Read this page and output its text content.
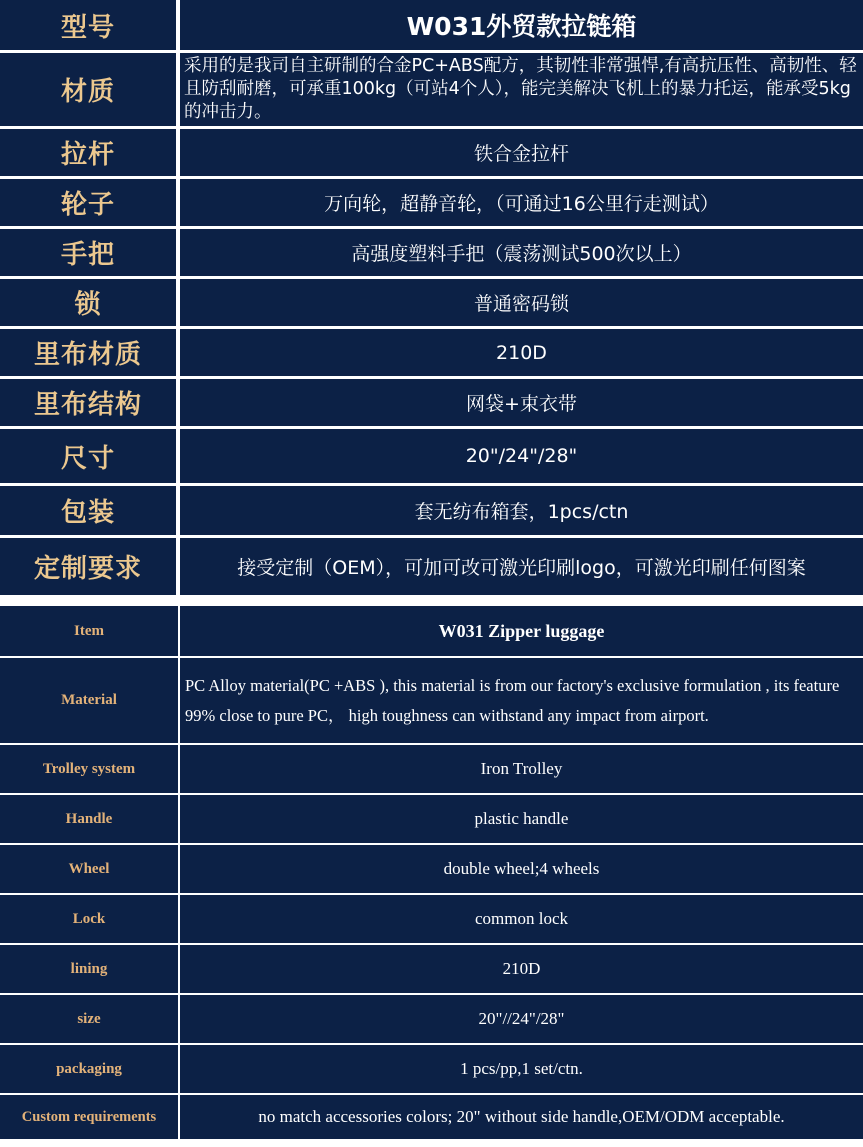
型号	W031外贸款拉链箱
材质	采用的是我司自主研制的合金PC+ABS配方，其韧性非常强悍,有高抗压性、高韧性、轻且防刮耐磨，可承重100kg（可站4个人），能完美解决飞机上的暴力托运，能承受5kg的冲击力。
拉杆	铁合金拉杆
轮子	万向轮，超静音轮，（可通过16公里行走测试）
手把	高强度塑料手把（震荡测试500次以上）
锁	普通密码锁
里布材质	210D
里布结构	网袋+束衣带
尺寸	20"/24"/28"
包装	套无纺布箱套，1pcs/ctn
定制要求	接受定制（OEM），可加可改可激光印刷logo，可激光印刷任何图案
Item	W031 Zipper luggage
Material	PC Alloy material(PC +ABS ), this material is from our factory's exclusive formulation , its feature 99% close to pure PC， high toughness can withstand any impact from airport.
Trolley system	Iron Trolley
Handle	plastic handle
Wheel	double wheel;4 wheels
Lock	common lock
lining	210D
size	20"//24"/28"
packaging	1 pcs/pp,1 set/ctn.
Custom requirements	no match accessories colors; 20" without side handle,OEM/ODM acceptable.
